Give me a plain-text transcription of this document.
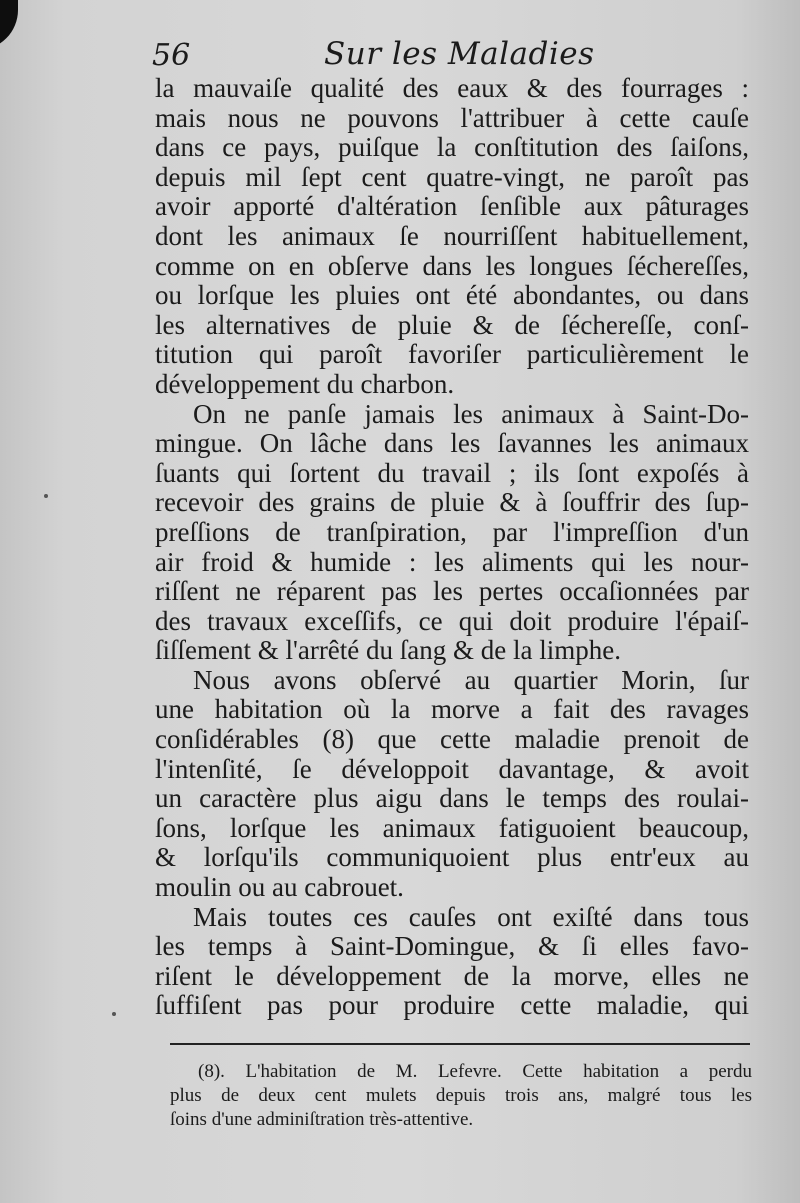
56	Sur les Maladies
la mauvaiſe qualité des eaux & des fourrages :
mais nous ne pouvons l'attribuer à cette cauſe
dans ce pays, puiſque la conſtitution des ſaiſons,
depuis mil ſept cent quatre-vingt, ne paroît pas
avoir apporté d'altération ſenſible aux pâturages
dont les animaux ſe nourriſſent habituellement,
comme on en obſerve dans les longues ſécherеſſes,
ou lorſque les pluies ont été abondantes, ou dans
les alternatives de pluie & de ſécherеſſe, conſ-
titution qui paroît favoriſer particulièrement le
développement du charbon.
On ne panſe jamais les animaux à Saint-Do-
mingue. On lâche dans les ſavannes les animaux
ſuants qui ſortent du travail ; ils ſont expoſés à
recevoir des grains de pluie & à ſouffrir des ſup-
preſſions de tranſpiration, par l'impreſſion d'un
air froid & humide : les aliments qui les nour-
riſſent ne réparent pas les pertes occaſionnées par
des travaux exceſſifs, ce qui doit produire l'épaiſ-
ſiſſement & l'arrêté du ſang & de la limphe.
Nous avons obſervé au quartier Morin, ſur
une habitation où la morve a fait des ravages
conſidérables (8) que cette maladie prenoit de
l'intenſité, ſe développoit davantage, & avoit
un caractère plus aigu dans le temps des roulai-
ſons, lorſque les animaux fatiguoient beaucoup,
& lorſqu'ils communiquoient plus entr'eux au
moulin ou au cabrouet.
Mais toutes ces cauſes ont exiſté dans tous
les temps à Saint-Domingue, & ſi elles favo-
riſent le développement de la morve, elles ne
ſuffiſent pas pour produire cette maladie, qui
(8). L'habitation de M. Lefevre. Cette habitation a perdu
plus de deux cent mulets depuis trois ans, malgré tous les
ſoins d'une adminiſtration très-attentive.
